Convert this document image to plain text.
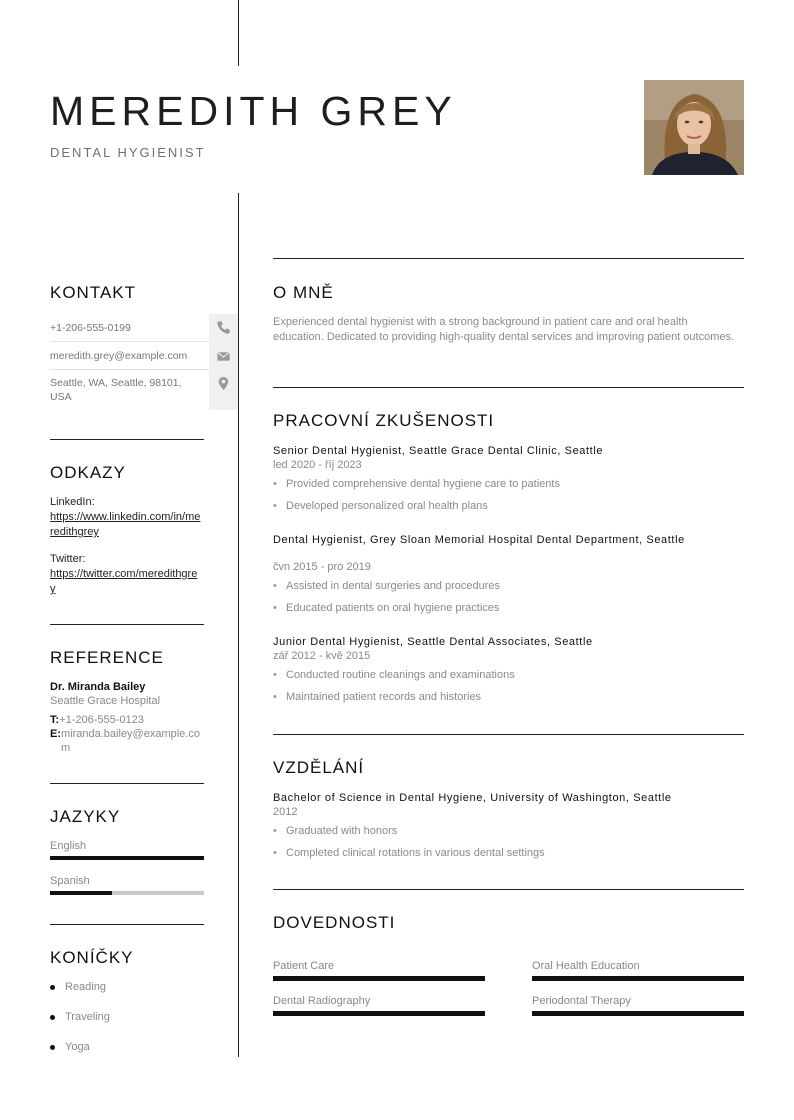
MEREDITH GREY
DENTAL HYGIENIST
KONTAKT
+1-206-555-0199
meredith.grey@example.com
Seattle, WA, Seattle, 98101, USA
ODKAZY
LinkedIn:
https://www.linkedin.com/in/meredithgrey
Twitter:
https://twitter.com/meredithgrey
REFERENCE
Dr. Miranda Bailey
Seattle Grace Hospital
T:+1-206-555-0123
E:miranda.bailey@example.com
JAZYKY
English
Spanish
KONÍČKY
Reading
Traveling
Yoga
O MNĚ

Experienced dental hygienist with a strong background in patient care and oral health education. Dedicated to providing high-quality dental services and improving patient outcomes.

PRACOVNÍ ZKUŠENOSTI
Senior Dental Hygienist, Seattle Grace Dental Clinic, Seattle
led 2020 - říj 2023
• Provided comprehensive dental hygiene care to patients
• Developed personalized oral health plans
Dental Hygienist, Grey Sloan Memorial Hospital Dental Department, Seattle
čvn 2015 - pro 2019
• Assisted in dental surgeries and procedures
• Educated patients on oral hygiene practices
Junior Dental Hygienist, Seattle Dental Associates, Seattle
zář 2012 - kvě 2015
• Conducted routine cleanings and examinations
• Maintained patient records and histories
VZDĚLÁNÍ
Bachelor of Science in Dental Hygiene, University of Washington, Seattle
2012
• Graduated with honors
• Completed clinical rotations in various dental settings
DOVEDNOSTI
Patient Care	Oral Health Education
Dental Radiography	Periodontal Therapy
